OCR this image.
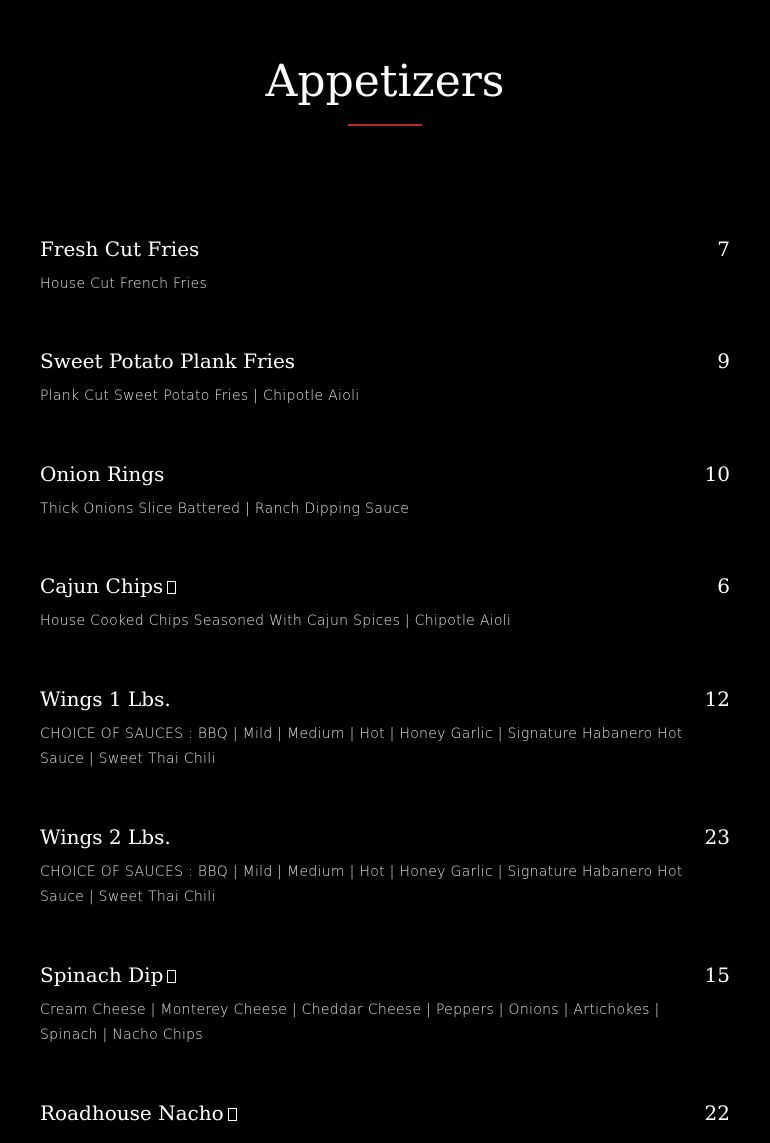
Appetizers
Fresh Cut Fries	7
House Cut French Fries
Sweet Potato Plank Fries	9
Plank Cut Sweet Potato Fries | Chipotle Aioli
Onion Rings	10
Thick Onions Slice Battered | Ranch Dipping Sauce
Cajun Chips	6
House Cooked Chips Seasoned With Cajun Spices | Chipotle Aioli
Wings 1 Lbs.	12
CHOICE OF SAUCES : BBQ | Mild | Medium | Hot | Honey Garlic | Signature Habanero Hot Sauce | Sweet Thai Chili
Wings 2 Lbs.	23
CHOICE OF SAUCES : BBQ | Mild | Medium | Hot | Honey Garlic | Signature Habanero Hot Sauce | Sweet Thai Chili
Spinach Dip	15
Cream Cheese | Monterey Cheese | Cheddar Cheese | Peppers | Onions | Artichokes | Spinach | Nacho Chips
Roadhouse Nacho	22
